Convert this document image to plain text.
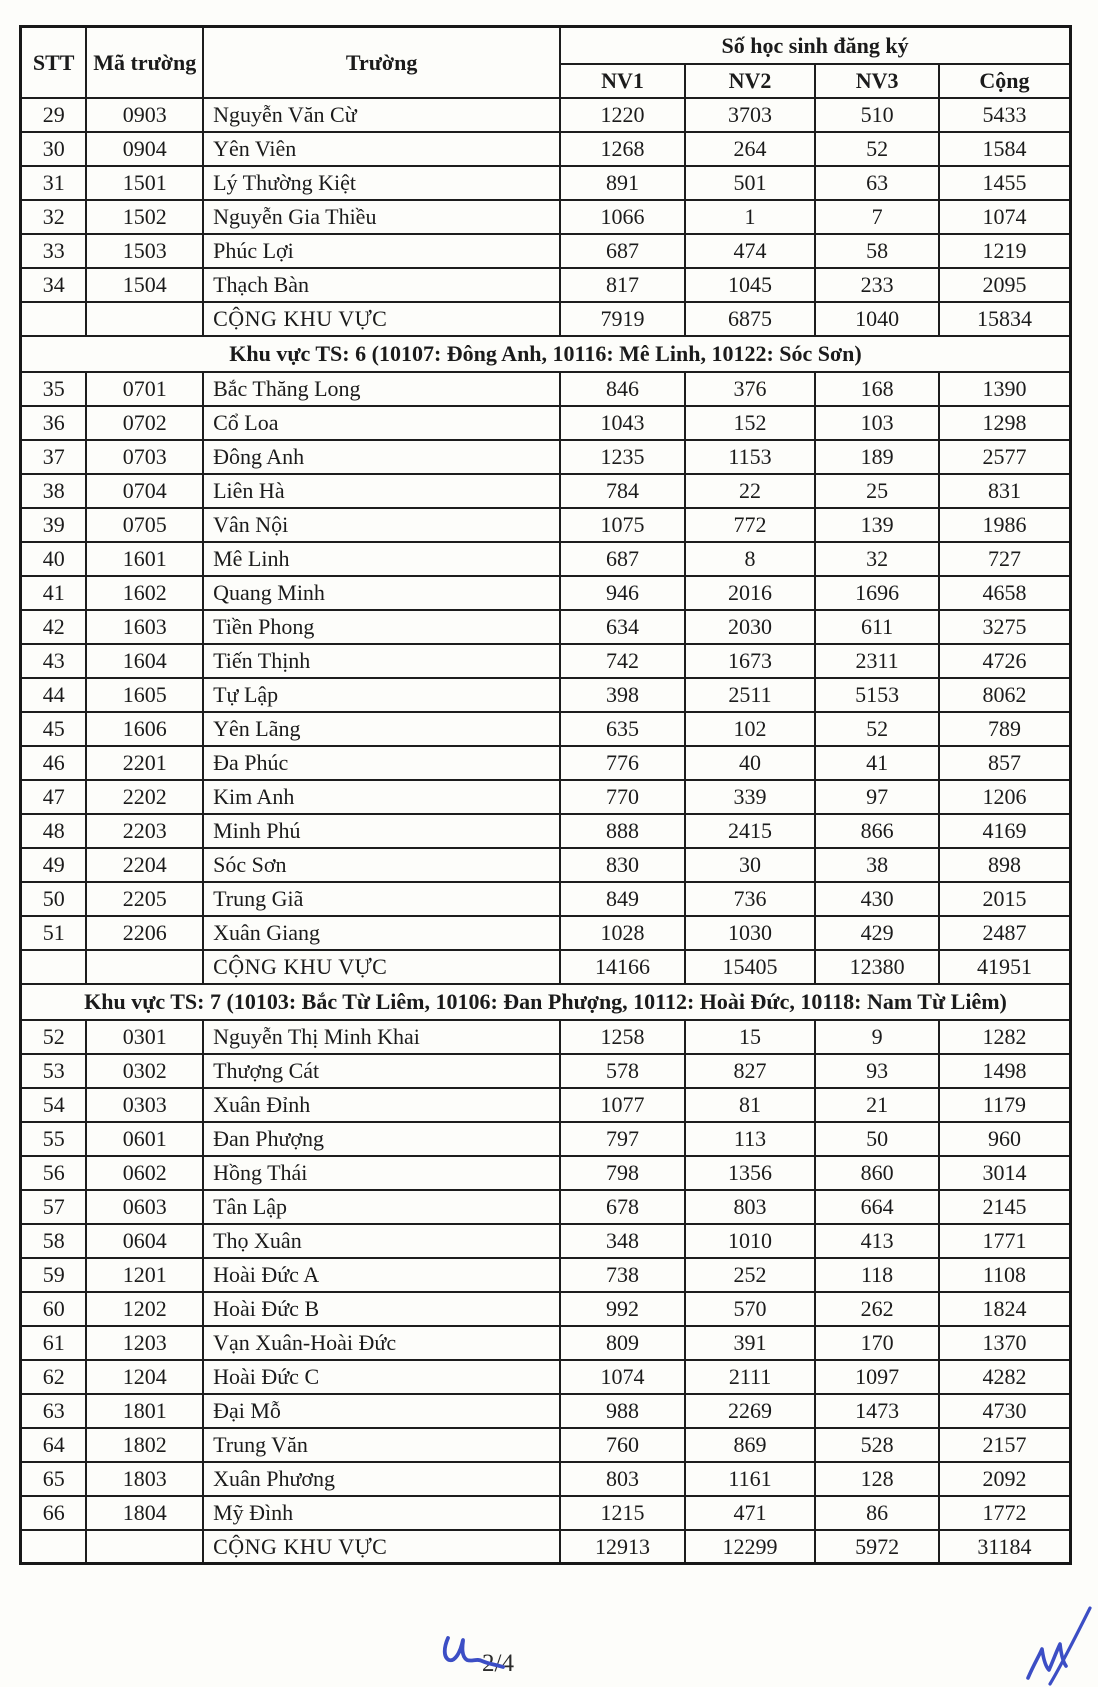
STT	Mã trường	Trường	Số học sinh đăng ký			
			NV1	NV2	NV3	Cộng
29	0903	Nguyễn Văn Cừ	1220	3703	510	5433
30	0904	Yên Viên	1268	264	52	1584
31	1501	Lý Thường Kiệt	891	501	63	1455
32	1502	Nguyễn Gia Thiều	1066	1	7	1074
33	1503	Phúc Lợi	687	474	58	1219
34	1504	Thạch Bàn	817	1045	233	2095
		CỘNG KHU VỰC	7919	6875	1040	15834
Khu vực TS: 6 (10107: Đông Anh, 10116: Mê Linh, 10122: Sóc Sơn)						
35	0701	Bắc Thăng Long	846	376	168	1390
36	0702	Cổ Loa	1043	152	103	1298
37	0703	Đông Anh	1235	1153	189	2577
38	0704	Liên Hà	784	22	25	831
39	0705	Vân Nội	1075	772	139	1986
40	1601	Mê Linh	687	8	32	727
41	1602	Quang Minh	946	2016	1696	4658
42	1603	Tiền Phong	634	2030	611	3275
43	1604	Tiến Thịnh	742	1673	2311	4726
44	1605	Tự Lập	398	2511	5153	8062
45	1606	Yên Lãng	635	102	52	789
46	2201	Đa Phúc	776	40	41	857
47	2202	Kim Anh	770	339	97	1206
48	2203	Minh Phú	888	2415	866	4169
49	2204	Sóc Sơn	830	30	38	898
50	2205	Trung Giã	849	736	430	2015
51	2206	Xuân Giang	1028	1030	429	2487
		CỘNG KHU VỰC	14166	15405	12380	41951
Khu vực TS: 7 (10103: Bắc Từ Liêm, 10106: Đan Phượng, 10112: Hoài Đức, 10118: Nam Từ Liêm)						
52	0301	Nguyễn Thị Minh Khai	1258	15	9	1282
53	0302	Thượng Cát	578	827	93	1498
54	0303	Xuân Đỉnh	1077	81	21	1179
55	0601	Đan Phượng	797	113	50	960
56	0602	Hồng Thái	798	1356	860	3014
57	0603	Tân Lập	678	803	664	2145
58	0604	Thọ Xuân	348	1010	413	1771
59	1201	Hoài Đức A	738	252	118	1108
60	1202	Hoài Đức B	992	570	262	1824
61	1203	Vạn Xuân-Hoài Đức	809	391	170	1370
62	1204	Hoài Đức C	1074	2111	1097	4282
63	1801	Đại Mỗ	988	2269	1473	4730
64	1802	Trung Văn	760	869	528	2157
65	1803	Xuân Phương	803	1161	128	2092
66	1804	Mỹ Đình	1215	471	86	1772
		CỘNG KHU VỰC	12913	12299	5972	31184
2/4
